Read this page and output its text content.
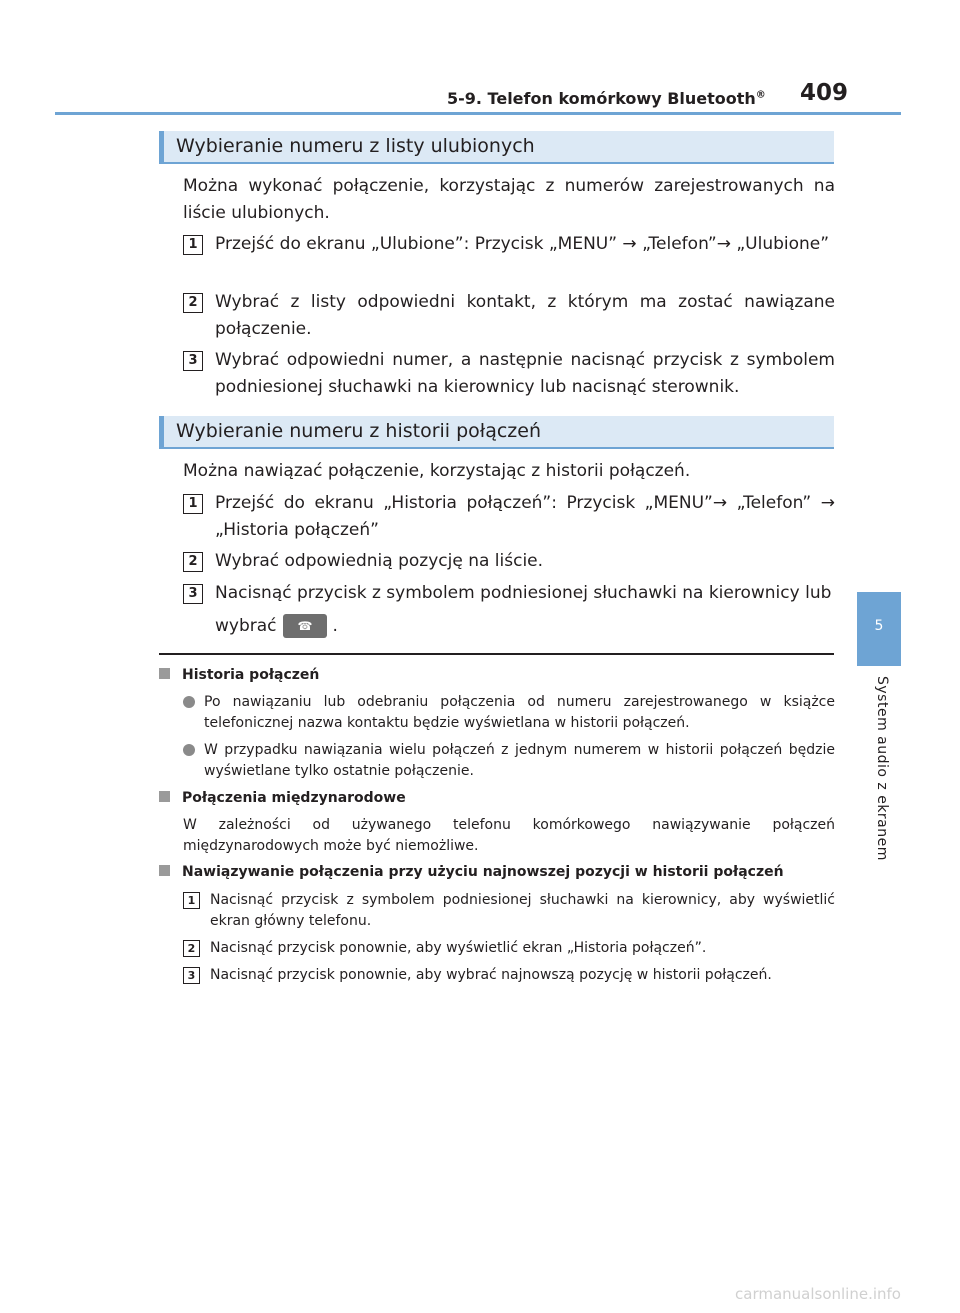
5-9. Telefon komórkowy Bluetooth® 409
5
System audio z ekranem
Wybieranie numeru z listy ulubionych
Można wykonać połączenie, korzystając z numerów zarejestrowanych na liście ulubionych.
1	Przejść do ekranu „Ulubione”: Przycisk „MENU” → „Telefon”→ „Ulubione”
2	Wybrać z listy odpowiedni kontakt, z którym ma zostać nawiązane połączenie.
3	Wybrać odpowiedni numer, a następnie nacisnąć przycisk z symbolem podniesionej słuchawki na kierownicy lub nacisnąć sterownik.
Wybieranie numeru z historii połączeń
Można nawiązać połączenie, korzystając z historii połączeń.
1	Przejść do ekranu „Historia połączeń”: Przycisk „MENU”→ „Telefon” → „Historia połączeń”
2	Wybrać odpowiednią pozycję na liście.
3	Nacisnąć przycisk z symbolem podniesionej słuchawki na kierownicy lub
wybrać ☎ .
Historia połączeń
Po nawiązaniu lub odebraniu połączenia od numeru zarejestrowanego w książce telefonicznej nazwa kontaktu będzie wyświetlana w historii połączeń.
W przypadku nawiązania wielu połączeń z jednym numerem w historii połączeń będzie wyświetlane tylko ostatnie połączenie.
Połączenia międzynarodowe
W zależności od używanego telefonu komórkowego nawiązywanie połączeń międzynarodowych może być niemożliwe.
Nawiązywanie połączenia przy użyciu najnowszej pozycji w historii połączeń
1	Nacisnąć przycisk z symbolem podniesionej słuchawki na kierownicy, aby wyświetlić ekran główny telefonu.
2	Nacisnąć przycisk ponownie, aby wyświetlić ekran „Historia połączeń”.
3	Nacisnąć przycisk ponownie, aby wybrać najnowszą pozycję w historii połączeń.
carmanualsonline.info
